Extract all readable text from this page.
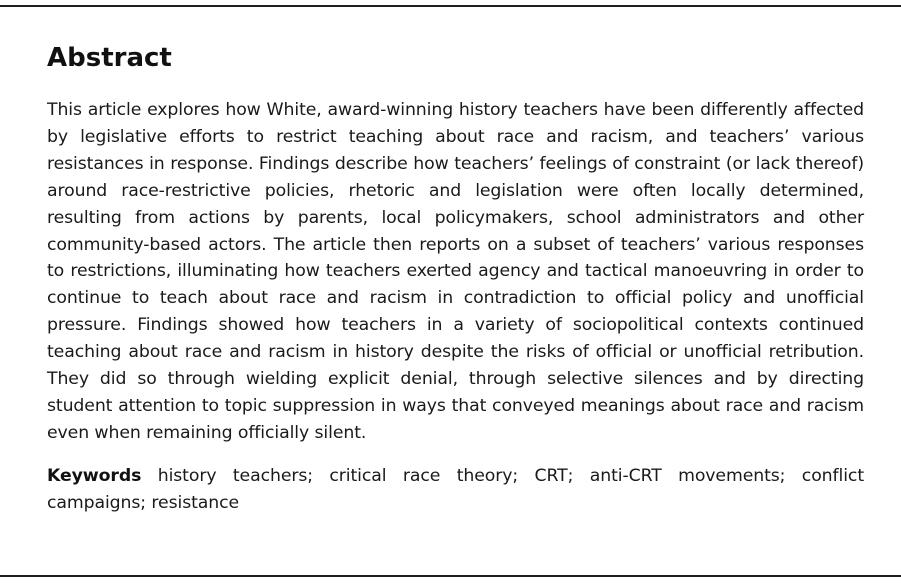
Abstract

This article explores how White, award-winning history teachers have been differently affected by legislative efforts to restrict teaching about race and racism, and teachers’ various resistances in response. Findings describe how teachers’ feelings of constraint (or lack thereof) around race-restrictive policies, rhetoric and legislation were often locally determined, resulting from actions by parents, local policymakers, school administrators and other community-based actors. The article then reports on a subset of teachers’ various responses to restrictions, illuminating how teachers exerted agency and tactical manoeuvring in order to continue to teach about race and racism in contradiction to official policy and unofficial pressure. Findings showed how teachers in a variety of sociopolitical contexts continued teaching about race and racism in history despite the risks of official or unofficial retribution. They did so through wielding explicit denial, through selective silences and by directing student attention to topic suppression in ways that conveyed meanings about race and racism even when remaining officially silent.

Keywords history teachers; critical race theory; CRT; anti-CRT movements; conflict campaigns; resistance
